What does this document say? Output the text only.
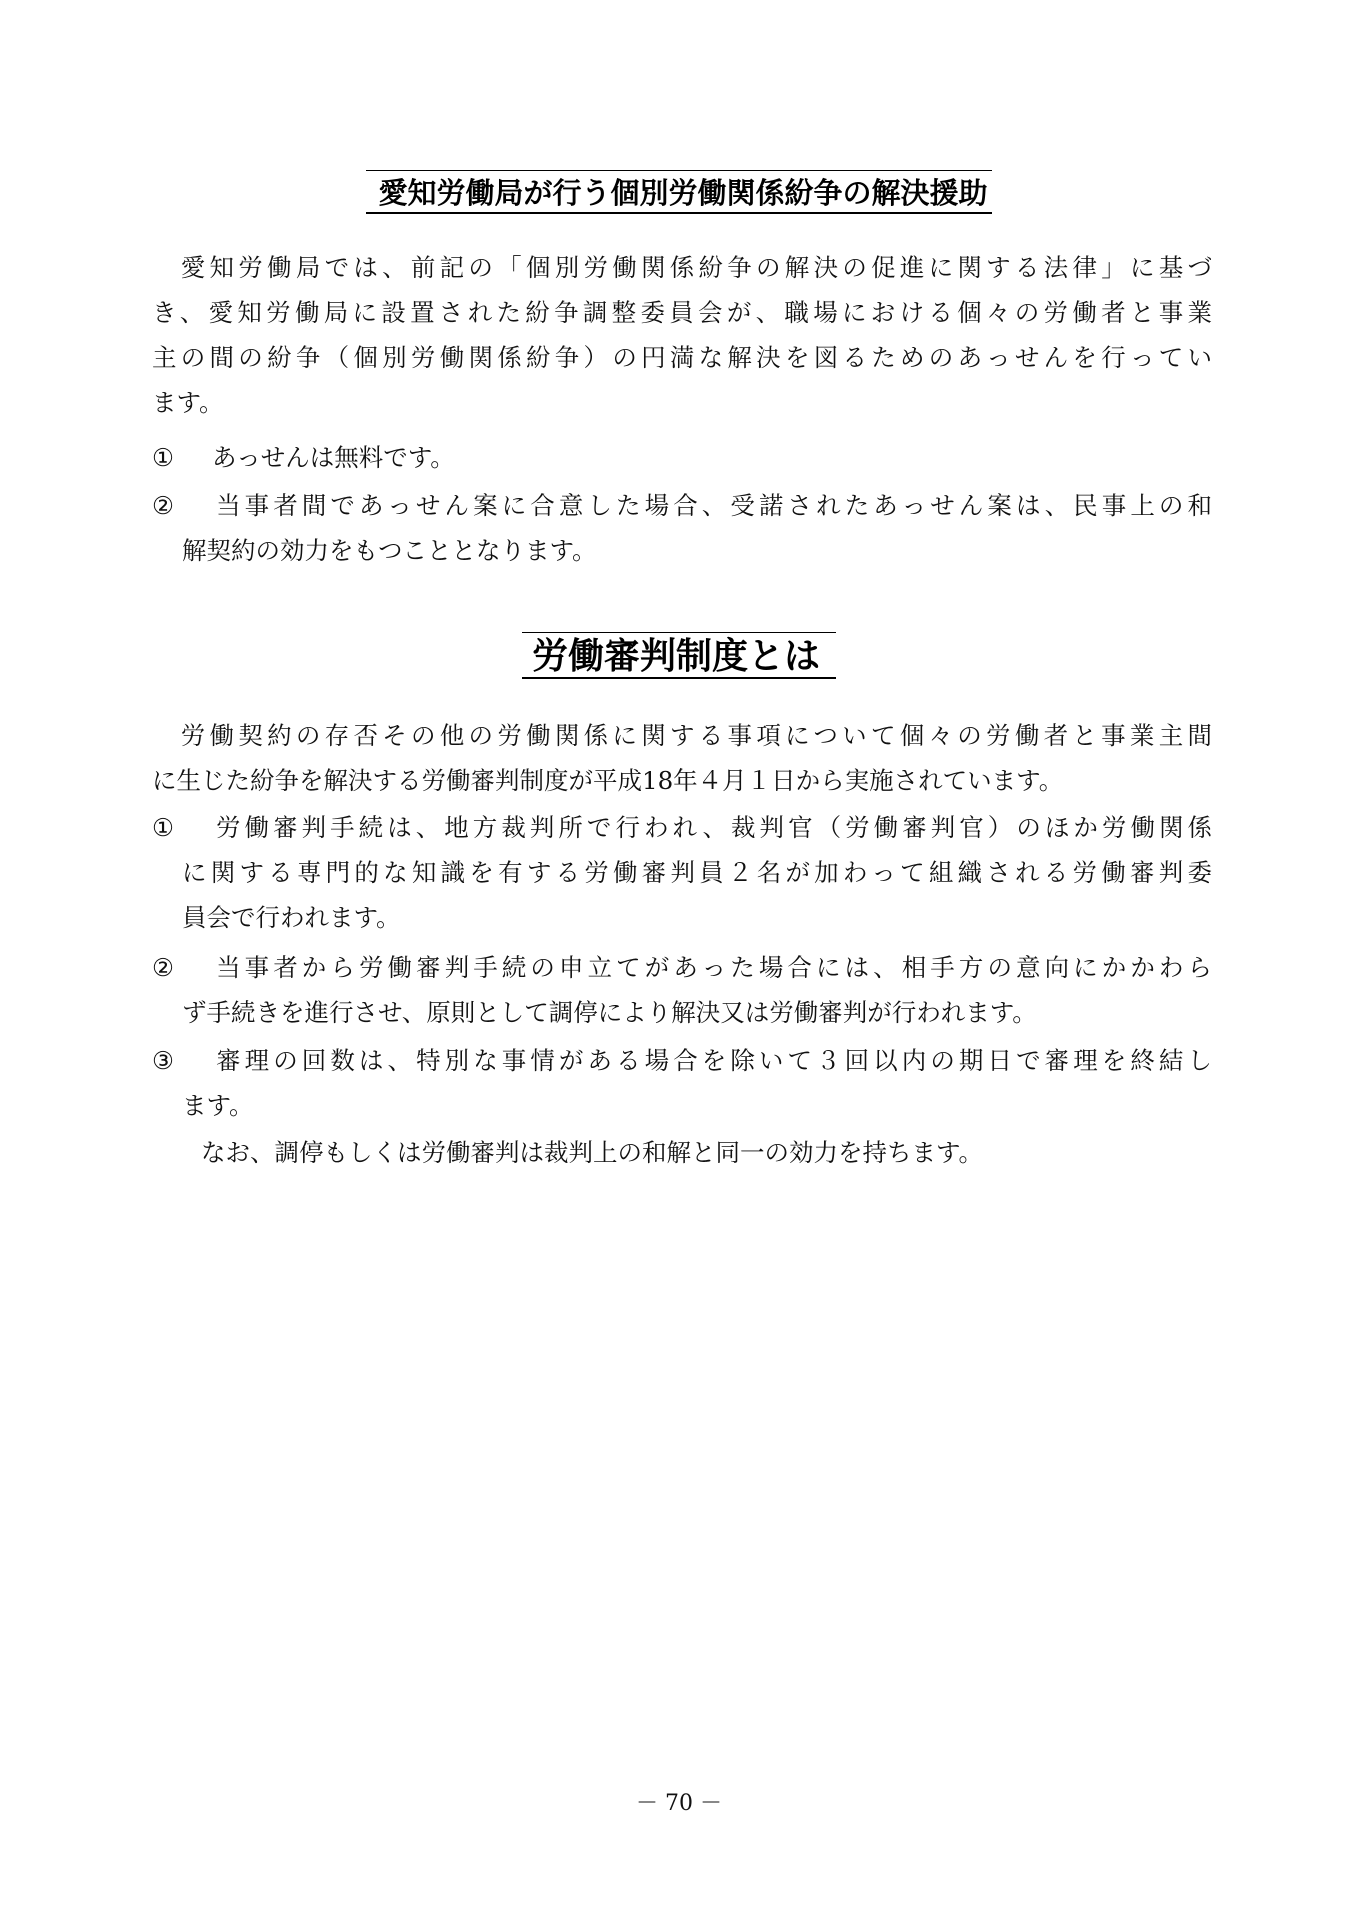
愛知労働局が行う個別労働関係紛争の解決援助
　愛知労働局では、前記の「個別労働関係紛争の解決の促進に関する法律」に基づ
き、愛知労働局に設置された紛争調整委員会が、職場における個々の労働者と事業
主の間の紛争（個別労働関係紛争）の円満な解決を図るためのあっせんを行ってい
ます。
① あっせんは無料です。
② 当事者間であっせん案に合意した場合、受諾されたあっせん案は、民事上の和
解契約の効力をもつこととなります。
労働審判制度とは
　労働契約の存否その他の労働関係に関する事項について個々の労働者と事業主間
に生じた紛争を解決する労働審判制度が平成18年４月１日から実施されています。
① 労働審判手続は、地方裁判所で行われ、裁判官（労働審判官）のほか労働関係
に関する専門的な知識を有する労働審判員２名が加わって組織される労働審判委
員会で行われます。
② 当事者から労働審判手続の申立てがあった場合には、相手方の意向にかかわら
ず手続きを進行させ、原則として調停により解決又は労働審判が行われます。
③ 審理の回数は、特別な事情がある場合を除いて３回以内の期日で審理を終結し
ます。
　　なお、調停もしくは労働審判は裁判上の和解と同一の効力を持ちます。
－ 70 －
